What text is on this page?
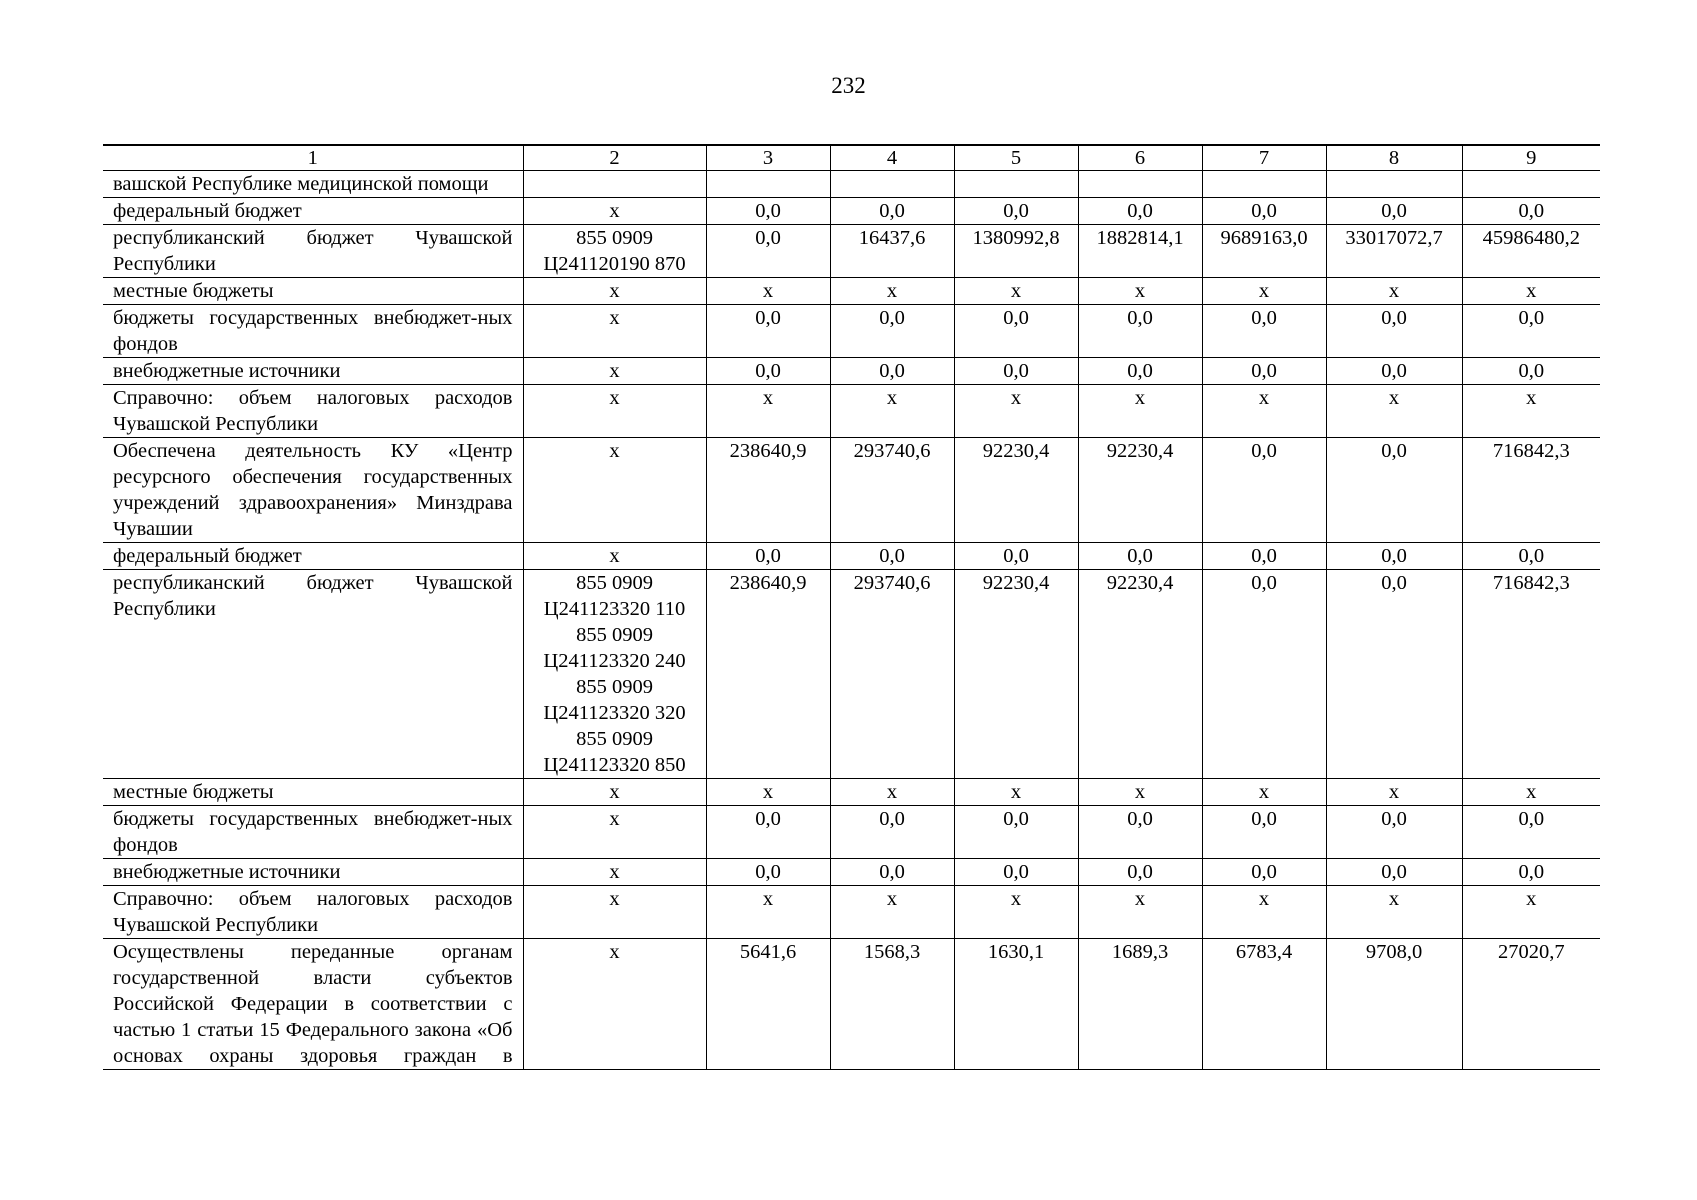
232
1	2	3	4	5	6	7	8	9
вашской Республике медицинской помощи								
федеральный бюджет	x	0,0	0,0	0,0	0,0	0,0	0,0	0,0
республиканский бюджет Чувашской Республики	855 0909 Ц241120190 870	0,0	16437,6	1380992,8	1882814,1	9689163,0	33017072,7	45986480,2
местные бюджеты	x	x	x	x	x	x	x	x
бюджеты государственных внебюджет-ных фондов	x	0,0	0,0	0,0	0,0	0,0	0,0	0,0
внебюджетные источники	x	0,0	0,0	0,0	0,0	0,0	0,0	0,0
Справочно: объем налоговых расходов Чувашской Республики	x	x	x	x	x	x	x	x
Обеспечена деятельность КУ «Центр ресурсного обеспечения государственных учреждений здравоохранения» Минздрава Чувашии	x	238640,9	293740,6	92230,4	92230,4	0,0	0,0	716842,3
федеральный бюджет	x	0,0	0,0	0,0	0,0	0,0	0,0	0,0
республиканский бюджет Чувашской Республики	855 0909 Ц241123320 110 855 0909 Ц241123320 240 855 0909 Ц241123320 320 855 0909 Ц241123320 850	238640,9	293740,6	92230,4	92230,4	0,0	0,0	716842,3
местные бюджеты	x	x	x	x	x	x	x	x
бюджеты государственных внебюджет-ных фондов	x	0,0	0,0	0,0	0,0	0,0	0,0	0,0
внебюджетные источники	x	0,0	0,0	0,0	0,0	0,0	0,0	0,0
Справочно: объем налоговых расходов Чувашской Республики	x	x	x	x	x	x	x	x
Осуществлены переданные органам государственной власти субъектов Российской Федерации в соответствии с частью 1 статьи 15 Федерального закона «Об основах охраны здоровья граждан в	x	5641,6	1568,3	1630,1	1689,3	6783,4	9708,0	27020,7
